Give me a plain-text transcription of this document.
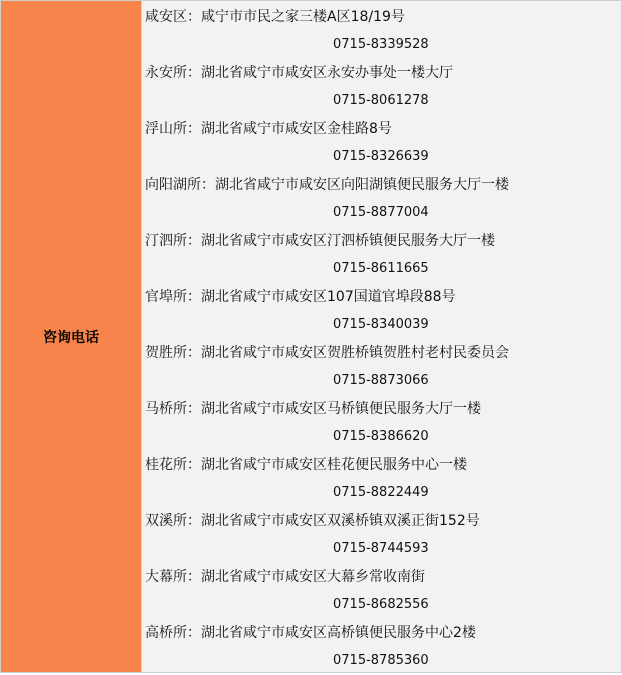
咨询电话
咸安区：咸宁市市民之家三楼A区18/19号
0715-8339528
永安所：湖北省咸宁市咸安区永安办事处一楼大厅
0715-8061278
浮山所：湖北省咸宁市咸安区金桂路8号
0715-8326639
向阳湖所：湖北省咸宁市咸安区向阳湖镇便民服务大厅一楼
0715-8877004
汀泗所：湖北省咸宁市咸安区汀泗桥镇便民服务大厅一楼
0715-8611665
官埠所：湖北省咸宁市咸安区107国道官埠段88号
0715-8340039
贺胜所：湖北省咸宁市咸安区贺胜桥镇贺胜村老村民委员会
0715-8873066
马桥所：湖北省咸宁市咸安区马桥镇便民服务大厅一楼
0715-8386620
桂花所：湖北省咸宁市咸安区桂花便民服务中心一楼
0715-8822449
双溪所：湖北省咸宁市咸安区双溪桥镇双溪正街152号
0715-8744593
大幕所：湖北省咸宁市咸安区大幕乡常收南街
0715-8682556
高桥所：湖北省咸宁市咸安区高桥镇便民服务中心2楼
0715-8785360
